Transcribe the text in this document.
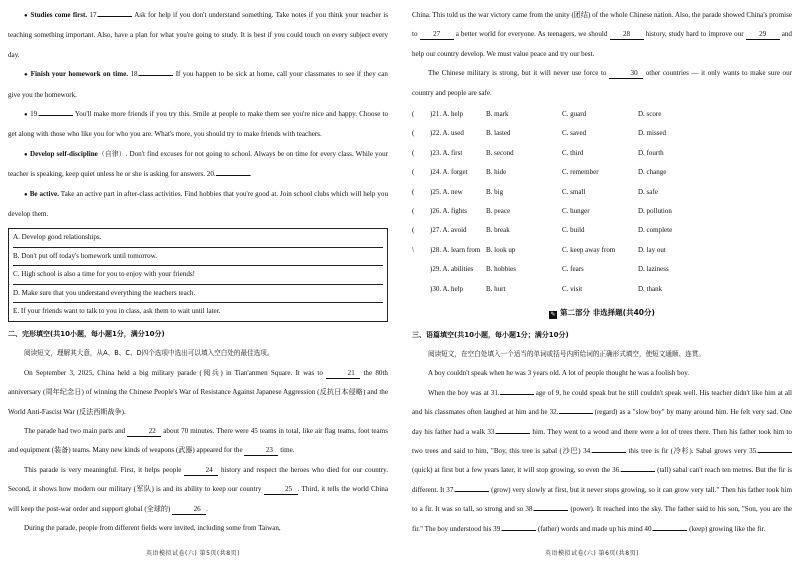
● Studies come first. 17.	Ask for help if you don't understand something. Take notes if you think your teacher is teaching something important. Also, have a plan for what you're going to study. It is best if you could touch on every subject every day.

● Finish your homework on time. 18.	If you happen to be sick at home, call your classmates to see if they can give you the homework.

● 19.	You'll make more friends if you try this. Smile at people to make them see you're nice and happy. Choose to get along with those who like you for who you are. What's more, you should try to make friends with teachers.

● Develop self-discipline（自律）. Don't find excuses for not going to school. Always be on time for every class. While your teacher is speaking, keep quiet unless he or she is asking for answers. 20.	.

● Be active. Take an active part in after-class activities. Find hobbies that you're good at. Join school clubs which will help you develop them.

A. Develop good relationships.
B. Don't put off today's homework until tomorrow.
C. High school is also a time for you to enjoy with your friends!
D. Make sure that you understand everything the teachers teach.
E. If your friends want to talk to you in class, ask them to wait until later.

二、完形填空(共10小题，每小题1分，满分10分)

阅读短文，理解其大意，从A、B、C、D四个选项中选出可以填入空白处的最佳选项。

On September 3, 2025, China held a big military parade (阅兵) in Tian'anmen Square. It was to	21 the 80th anniversary (周年纪念日) of winning the Chinese People's War of Resistance Against Japanese Aggression (反抗日本侵略) and the World Anti-Fascist War (反法西斯战争).

The parade had two main parts and	22 about 70 minutes. There were 45 teams in total, like air flag teams, foot teams and equipment (装备) teams. Many new kinds of weapons (武器) appeared for the	23 time.

This parade is very meaningful. First, it helps people	24 history and respect the heroes who died for our country. Second, it shows how modern our military (军队) is and its ability to keep our country	25 . Third, it tells the world China will keep the post-war order and support global (全球的)	26 .

During the parade, people from different fields were invited, including some from Taiwan,

China. This told us the war victory came from the unity (团结) of the whole Chinese nation. Also, the parade showed China's promise to 27 a better world for everyone. As teenagers, we should 28 history, study hard to improve our 29 and help our country develop. We must value peace and try our best.

The Chinese military is strong, but it will never use force to	30 other countries — it only wants to make sure our country and people are safe.

(	)21. A. help	B. mark	C. guard	D. score
(	)22. A. used	B. lasted	C. saved	D. missed
(	)23. A. first	B. second	C. third	D. fourth
(	)24. A. forget	B. hide	C. remember	D. change
(	)25. A. new	B. big	C. small	D. safe
(	)26. A. fights	B. peace	C. hunger	D. pollution
(	)27. A. avoid	B. break	C. build	D. complete
\	)28. A. learn from	B. look up	C. keep away from	D. lay out
	)29. A. abilities	B. hobbies	C. fears	D. laziness
	)30. A. help	B. hurt	C. visit	D. thank
✎ 第二部分 非选择题(共40分)

三、语篇填空(共10小题，每小题1分；满分10分)

阅读短文，在空白处填入一个适当的单词或括号内所给词的正确形式填空，使短文通顺、连贯。

A boy couldn't speak when he was 3 years old. A lot of people thought he was a foolish boy.

When the boy was at 31.	age of 9, he could speak but he still couldn't speak well. His teacher didn't like him at all and his classmates often laughed at him and he 32.	(regard) as a "slow boy" by many around him. He felt very sad. One day his father had a walk 33.	him. They went to a wood and there were a lot of trees there. Then his father took him to two trees and said to him, "Boy, this tree is sabal (沙巴) 34.	this tree is fir (冷杉). Sabal grows very 35. (quick) at first but a few years later, it will stop growing, so even the 36.	(tall) sabal can't reach ten metres. But the fir is different. It 37.	(grow) very slowly at first, but it never stops growing, so it can grow very tall." Then his father took him to a fir. It was so tall, so strong and so 38.	(power). It reached into the sky. The father said to his son, "Son, you are the fir." The boy understood his 39.	(father) words and made up his mind 40.	(keep) growing like the fir.

英语模拟试卷(六) 第5页(共8页)	英语模拟试卷(六) 第6页(共8页)
